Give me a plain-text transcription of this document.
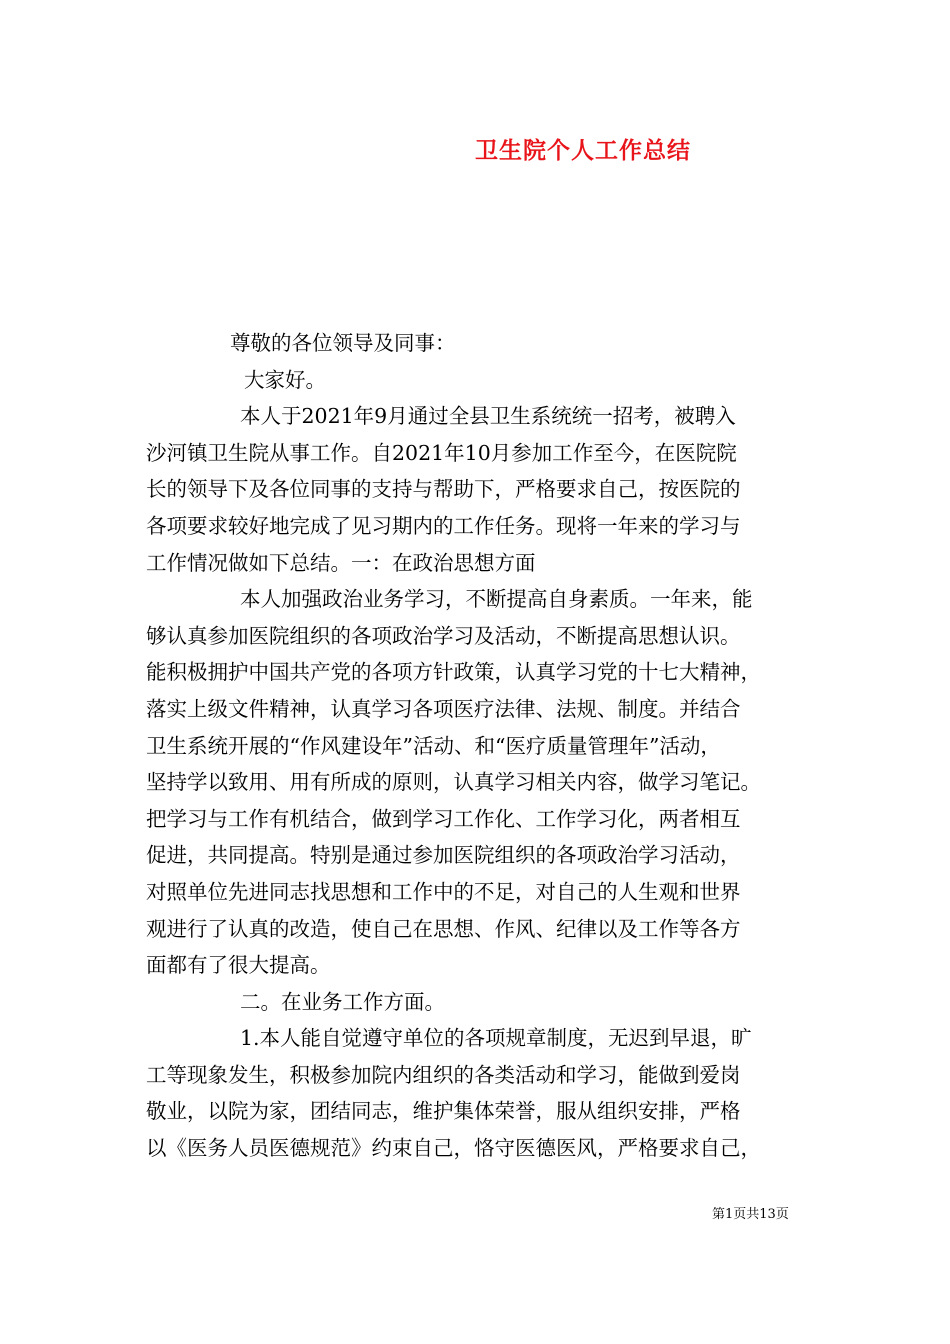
卫生院个人工作总结
尊敬的各位领导及同事：
大家好。
本人于2021年9月通过全县卫生系统统一招考，被聘入
沙河镇卫生院从事工作。自2021年10月参加工作至今，在医院院
长的领导下及各位同事的支持与帮助下，严格要求自己，按医院的
各项要求较好地完成了见习期内的工作任务。现将一年来的学习与
工作情况做如下总结。一：在政治思想方面
本人加强政治业务学习，不断提高自身素质。一年来，能
够认真参加医院组织的各项政治学习及活动，不断提高思想认识。
能积极拥护中国共产党的各项方针政策，认真学习党的十七大精神，
落实上级文件精神，认真学习各项医疗法律、法规、制度。并结合
卫生系统开展的“作风建设年”活动、和“医疗质量管理年”活动，
坚持学以致用、用有所成的原则，认真学习相关内容，做学习笔记。
把学习与工作有机结合，做到学习工作化、工作学习化，两者相互
促进，共同提高。特别是通过参加医院组织的各项政治学习活动，
对照单位先进同志找思想和工作中的不足，对自己的人生观和世界
观进行了认真的改造，使自己在思想、作风、纪律以及工作等各方
面都有了很大提高。
二。在业务工作方面。
1.本人能自觉遵守单位的各项规章制度，无迟到早退，旷
工等现象发生，积极参加院内组织的各类活动和学习，能做到爱岗
敬业，以院为家，团结同志，维护集体荣誉，服从组织安排，严格
以《医务人员医德规范》约束自己，恪守医德医风，严格要求自己，
第1页共13页
